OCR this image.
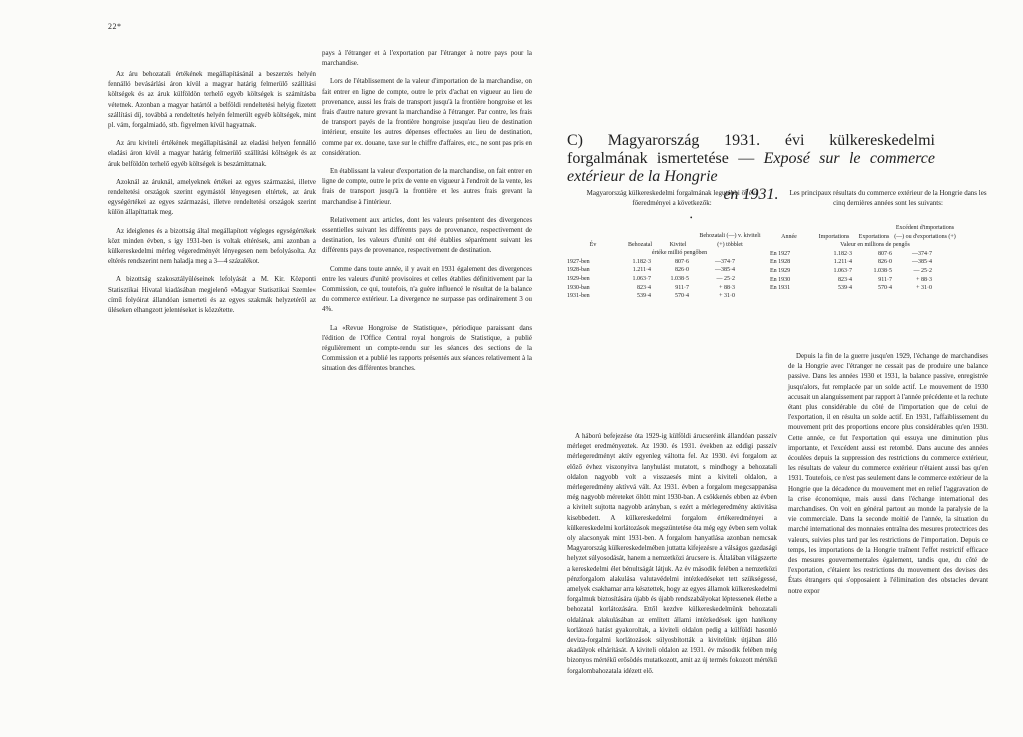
22*

Az áru behozatali értékének megállapításánál a beszerzés helyén fennálló bevásárlási áron kívül a magyar határig felmerülő szállítási költségek és az áruk külföldön terhelő egyéb költségek is számításba vétetnek. Azonban a magyar határtól a belföldi rendeltetési helyig fizetett szállítási díj, továbbá a rendeltetés helyén felmerült egyéb költségek, mint pl. vám, forgalmiadó, stb. figyelmen kívül hagyatnak.

Az áru kiviteli értékének megállapításánál az eladási helyen fennálló eladási áron kívül a magyar határig felmerülő szállítási költségek és az áruk belföldön terhelő egyéb költségek is beszámíttatnak.

Azoknál az áruknál, amelyeknek értékei az egyes származási, illetve rendeltetési országok szerint egymástól lényegesen eltértek, az áruk egységértékei az egyes származási, illetve rendeltetési országok szerint külön állapíttattak meg.

Az ideiglenes és a bizottság által megállapított végleges egységértékek közt minden évben, s így 1931-ben is voltak eltérések, ami azonban a külkereskedelmi mérleg végeredményét lényegesen nem befolyásolta. Az eltérés rendszerint nem haladja meg a 3—4 százalékot.

A bizottság szakosztályüléseinek lefolyását a M. Kir. Központi Statisztikai Hivatal kiadásában megjelenő »Magyar Statisztikai Szemle« című folyóirat állandóan ismerteti és az egyes szakmák helyzetéről az üléseken elhangzott jelentéseket is közzétette.

pays à l'étranger et à l'exportation par l'étranger à notre pays pour la marchandise.

Lors de l'établissement de la valeur d'importation de la marchandise, on fait entrer en ligne de compte, outre le prix d'achat en vigueur au lieu de provenance, aussi les frais de transport jusqu'à la frontière hongroise et les frais d'autre nature grevant la marchandise à l'étranger. Par contre, les frais de transport payés de la frontière hongroise jusqu'au lieu de destination intérieur, ensuite les autres dépenses effectuées au lieu de destination, comme par ex. douane, taxe sur le chiffre d'affaires, etc., ne sont pas pris en considération.

En établissant la valeur d'exportation de la marchandise, on fait entrer en ligne de compte, outre le prix de vente en vigueur à l'endroit de la vente, les frais de transport jusqu'à la frontière et les autres frais grevant la marchandise à l'intérieur.

Relativement aux articles, dont les valeurs présentent des divergences essentielles suivant les différents pays de provenance, respectivement de destination, les valeurs d'unité ont été établies séparément suivant les différents pays de provenance, respectivement de destination.

Comme dans toute année, il y avait en 1931 également des divergences entre les valeurs d'unité provisoires et celles établies définitivement par la Commission, ce qui, toutefois, n'a guère influencé le résultat de la balance du commerce extérieur. La divergence ne surpasse pas ordinairement 3 ou 4%.

La «Revue Hongroise de Statistique», périodique paraissant dans l'édition de l'Office Central royal hongrois de Statistique, a publié régulièrement un compte-rendu sur les séances des sections de la Commission et a publié les rapports présentés aux séances relativement à la situation des différentes branches.

C) Magyarország 1931. évi külkereskedelmi forgalmának ismertetése — Exposé sur le commerce extérieur de la Hongrie
en 1931.
Magyarország külkereskedelmi forgalmának legutóbbi öt évi főeredményei a következők:
Les principaux résultats du commerce extérieur de la Hongrie dans les cinq dernières années sont les suivants:
•
Év	Behozatal	Kivitel
Behozatali (—) v. kiviteli (+) többlet
értéke millió pengőben
1927-ben	1.182·3	807·6	—374·7
1928-ban	1.211·4	826·0	—385·4
1929-ben	1.063·7	1.038·5	— 25·2
1930-ban	823·4	911·7	+ 88·3
1931-ben	539·4	570·4	+ 31·0
Année	Importations	Exportations
Excédent d'importations (—) ou d'exportations (+)
Valeur en millions de pengős
En 1927	1.182·3	807·6	—374·7
En 1928	1.211·4	826·0	—385·4
En 1929	1.063·7	1.038·5	— 25·2
En 1930	823·4	911·7	+ 88·3
En 1931	539·4	570·4	+ 31·0

A háború befejezése óta 1929-ig külföldi árucseréink állandóan passzív mérleget eredményeztek. Az 1930. és 1931. években az eddigi passzív mérlegeredményt aktív egyenleg váltotta fel. Az 1930. évi forgalom az előző évhez viszonyítva lanyhulást mutatott, s mindhogy a behozatali oldalon nagyobb volt a visszaesés mint a kiviteli oldalon, a mérlegeredmény aktívvá vált. Az 1931. évben a forgalom megcsappanása még nagyobb méreteket öltött mint 1930-ban. A csökkenés ebben az évben a kivitelt sujtotta nagyobb arányban, s ezért a mérlegeredmény aktivitása kisebbedett. A külkereskedelmi forgalom értékeredményei a külkereskedelmi korlátozások megszüntetése óta még egy évben sem voltak oly alacsonyak mint 1931-ben. A forgalom hanyatlása azonban nemcsak Magyarország külkereskedelmében juttatta kifejezésre a válságos gazdasági helyzet súlyosodását, hanem a nemzetközi árucsere is. Általában világszerte a kereskedelmi élet bénultságát látjuk. Az év második felében a nemzetközi pénzforgalom alakulása valutavédelmi intézkedéseket tett szükségessé, amelyek csakhamar arra késztettek, hogy az egyes államok külkereskedelmi forgalmuk biztosítására újabb és újabb rendszabályokat léptessenek életbe a behozatal korlátozására. Ettől kezdve külkereskedelmünk behozatali oldalának alakulásában az említett állami intézkedések igen hatékony korlátozó hatást gyakoroltak, a kiviteli oldalon pedig a külföldi hasonló deviza-forgalmi korlátozások súlyosbították a kivitelünk útjában álló akadályok elhárítását. A kiviteli oldalon az 1931. év második felében még bizonyos mértékű erősödés mutatkozott, amit az új termés fokozott mértékű forgalombahozatala idézett elő.

Depuis la fin de la guerre jusqu'en 1929, l'échange de marchandises de la Hongrie avec l'étranger ne cessait pas de produire une balance passive. Dans les années 1930 et 1931, la balance passive, enregistrée jusqu'alors, fut remplacée par un solde actif. Le mouvement de 1930 accusait un alanguissement par rapport à l'année précédente et la rechute étant plus considérable du côté de l'importation que de celui de l'exportation, il en résulta un solde actif. En 1931, l'affaiblissement du mouvement prit des proportions encore plus considérables qu'en 1930. Cette année, ce fut l'exportation qui essuya une diminution plus importante, et l'excédent aussi est retombé. Dans aucune des années écoulées depuis la suppression des restrictions du commerce extérieur, les résultats de valeur du commerce extérieur n'étaient aussi bas qu'en 1931. Toutefois, ce n'est pas seulement dans le commerce extérieur de la Hongrie que la décadence du mouvement met en relief l'aggravation de la crise économique, mais aussi dans l'échange international des marchandises. On voit en général partout au monde la paralysie de la vie commerciale. Dans la seconde moitié de l'année, la situation du marché international des monnaies entraîna des mesures protectrices des valeurs, suivies plus tard par les restrictions de l'importation. Depuis ce temps, les importations de la Hongrie traînent l'effet restrictif efficace des mesures gouvernementales également, tandis que, du côté de l'exportation, c'étaient les restrictions du mouvement des devises des États étrangers qui s'opposaient à l'élimination des obstacles devant notre expor
